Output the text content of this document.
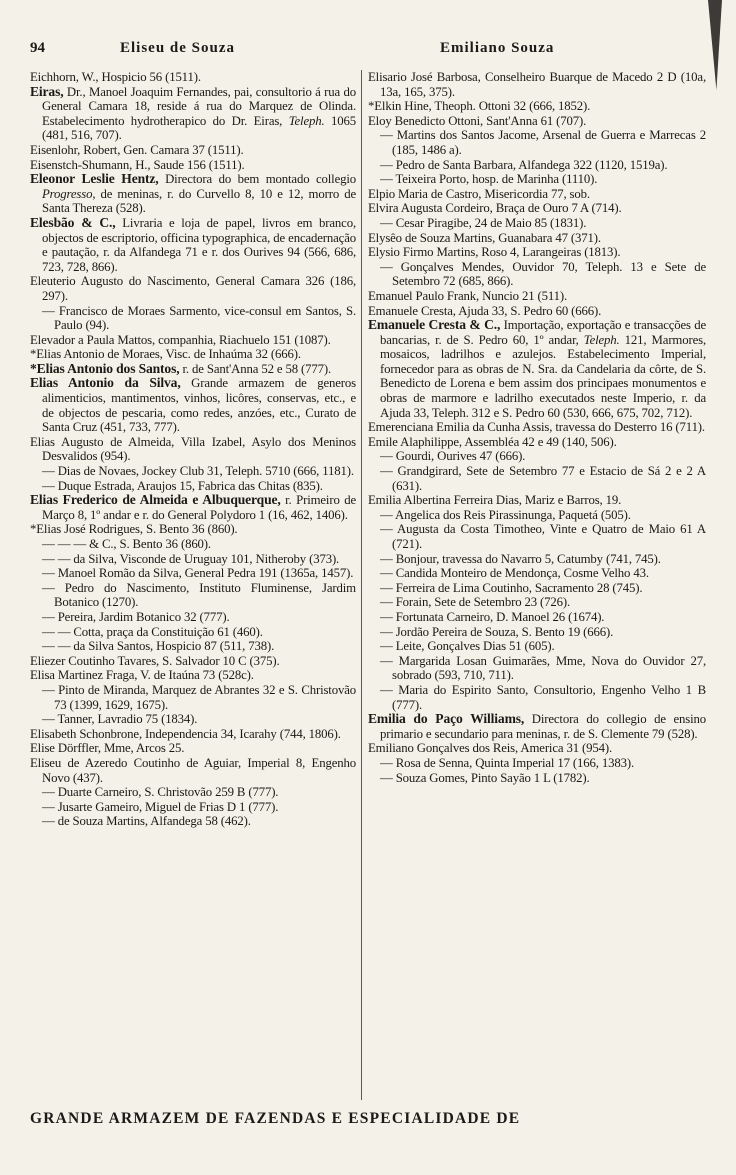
94	Eliseu de Souza	Emiliano Souza

Eichhorn, W., Hospicio 56 (1511).

Eiras, Dr., Manoel Joaquim Fernandes, pai, consultorio á rua do General Camara 18, reside á rua do Marquez de Olinda. Estabelecimento hydrotherapico do Dr. Eiras, Teleph. 1065 (481, 516, 707).

Eisenlohr, Robert, Gen. Camara 37 (1511).

Eisenstch-Shumann, H., Saude 156 (1511).

Eleonor Leslie Hentz, Directora do bem montado collegio Progresso, de meninas, r. do Curvello 8, 10 e 12, morro de Santa Thereza (528).

Elesbão & C., Livraria e loja de papel, livros em branco, objectos de escriptorio, officina typographica, de encadernação e pautação, r. da Alfandega 71 e r. dos Ourives 94 (566, 686, 723, 728, 866).

Eleuterio Augusto do Nascimento, General Camara 326 (186, 297).

— Francisco de Moraes Sarmento, vice-consul em Santos, S. Paulo (94).

Elevador a Paula Mattos, companhia, Riachuelo 151 (1087).

*Elias Antonio de Moraes, Visc. de Inhaúma 32 (666).

*Elias Antonio dos Santos, r. de Sant'Anna 52 e 58 (777).

Elias Antonio da Silva, Grande armazem de generos alimenticios, mantimentos, vinhos, licôres, conservas, etc., e de objectos de pescaria, como redes, anzóes, etc., Curato de Santa Cruz (451, 733, 777).

Elias Augusto de Almeida, Villa Izabel, Asylo dos Meninos Desvalidos (954).

— Dias de Novaes, Jockey Club 31, Teleph. 5710 (666, 1181).

— Duque Estrada, Araujos 15, Fabrica das Chitas (835).

Elias Frederico de Almeida e Albuquerque, r. Primeiro de Março 8, 1º andar e r. do General Polydoro 1 (16, 462, 1406).

*Elias José Rodrigues, S. Bento 36 (860).

— — — & C., S. Bento 36 (860).

— — da Silva, Visconde de Uruguay 101, Nitheroby (373).

— Manoel Romão da Silva, General Pedra 191 (1365a, 1457).

— Pedro do Nascimento, Instituto Fluminense, Jardim Botanico (1270).

— Pereira, Jardim Botanico 32 (777).

— — Cotta, praça da Constituição 61 (460).

— — da Silva Santos, Hospicio 87 (511, 738).

Eliezer Coutinho Tavares, S. Salvador 10 C (375).

Elisa Martinez Fraga, V. de Itaúna 73 (528c).

— Pinto de Miranda, Marquez de Abrantes 32 e S. Christovão 73 (1399, 1629, 1675).

— Tanner, Lavradio 75 (1834).

Elisabeth Schonbrone, Independencia 34, Icarahy (744, 1806).

Elise Dörffler, Mme, Arcos 25.

Eliseu de Azeredo Coutinho de Aguiar, Imperial 8, Engenho Novo (437).

— Duarte Carneiro, S. Christovão 259 B (777).

— Jusarte Gameiro, Miguel de Frias D 1 (777).

— de Souza Martins, Alfandega 58 (462).

Elisario José Barbosa, Conselheiro Buarque de Macedo 2 D (10a, 13a, 165, 375).

*Elkin Hine, Theoph. Ottoni 32 (666, 1852).

Eloy Benedicto Ottoni, Sant'Anna 61 (707).

— Martins dos Santos Jacome, Arsenal de Guerra e Marrecas 2 (185, 1486 a).

— Pedro de Santa Barbara, Alfandega 322 (1120, 1519a).

— Teixeira Porto, hosp. de Marinha (1110).

Elpio Maria de Castro, Misericordia 77, sob.

Elvira Augusta Cordeiro, Braça de Ouro 7 A (714).

— Cesar Piragibe, 24 de Maio 85 (1831).

Elysêo de Souza Martins, Guanabara 47 (371).

Elysio Firmo Martins, Roso 4, Larangeiras (1813).

— Gonçalves Mendes, Ouvidor 70, Teleph. 13 e Sete de Setembro 72 (685, 866).

Emanuel Paulo Frank, Nuncio 21 (511).

Emanuele Cresta, Ajuda 33, S. Pedro 60 (666).

Emanuele Cresta & C., Importação, exportação e transacções de bancarias, r. de S. Pedro 60, 1º andar, Teleph. 121, Marmores, mosaicos, ladrilhos e azulejos. Estabelecimento Imperial, fornecedor para as obras de N. Sra. da Candelaria da côrte, de S. Benedicto de Lorena e bem assim dos principaes monumentos e obras de marmore e ladrilho executados neste Imperio, r. da Ajuda 33, Teleph. 312 e S. Pedro 60 (530, 666, 675, 702, 712).

Emerenciana Emilia da Cunha Assis, travessa do Desterro 16 (711).

Emile Alaphilippe, Assembléa 42 e 49 (140, 506).

— Gourdi, Ourives 47 (666).

— Grandgirard, Sete de Setembro 77 e Estacio de Sá 2 e 2 A (631).

Emilia Albertina Ferreira Dias, Mariz e Barros, 19.

— Angelica dos Reis Pirassinunga, Paquetá (505).

— Augusta da Costa Timotheo, Vinte e Quatro de Maio 61 A (721).

— Bonjour, travessa do Navarro 5, Catumby (741, 745).

— Candida Monteiro de Mendonça, Cosme Velho 43.

— Ferreira de Lima Coutinho, Sacramento 28 (745).

— Forain, Sete de Setembro 23 (726).

— Fortunata Carneiro, D. Manoel 26 (1674).

— Jordão Pereira de Souza, S. Bento 19 (666).

— Leite, Gonçalves Dias 51 (605).

— Margarida Losan Guimarães, Mme, Nova do Ouvidor 27, sobrado (593, 710, 711).

— Maria do Espirito Santo, Consultorio, Engenho Velho 1 B (777).

Emilia do Paço Williams, Directora do collegio de ensino primario e secundario para meninas, r. de S. Clemente 79 (528).

Emiliano Gonçalves dos Reis, America 31 (954).

— Rosa de Senna, Quinta Imperial 17 (166, 1383).

— Souza Gomes, Pinto Sayão 1 L (1782).

GRANDE ARMAZEM DE FAZENDAS E ESPECIALIDADE DE
